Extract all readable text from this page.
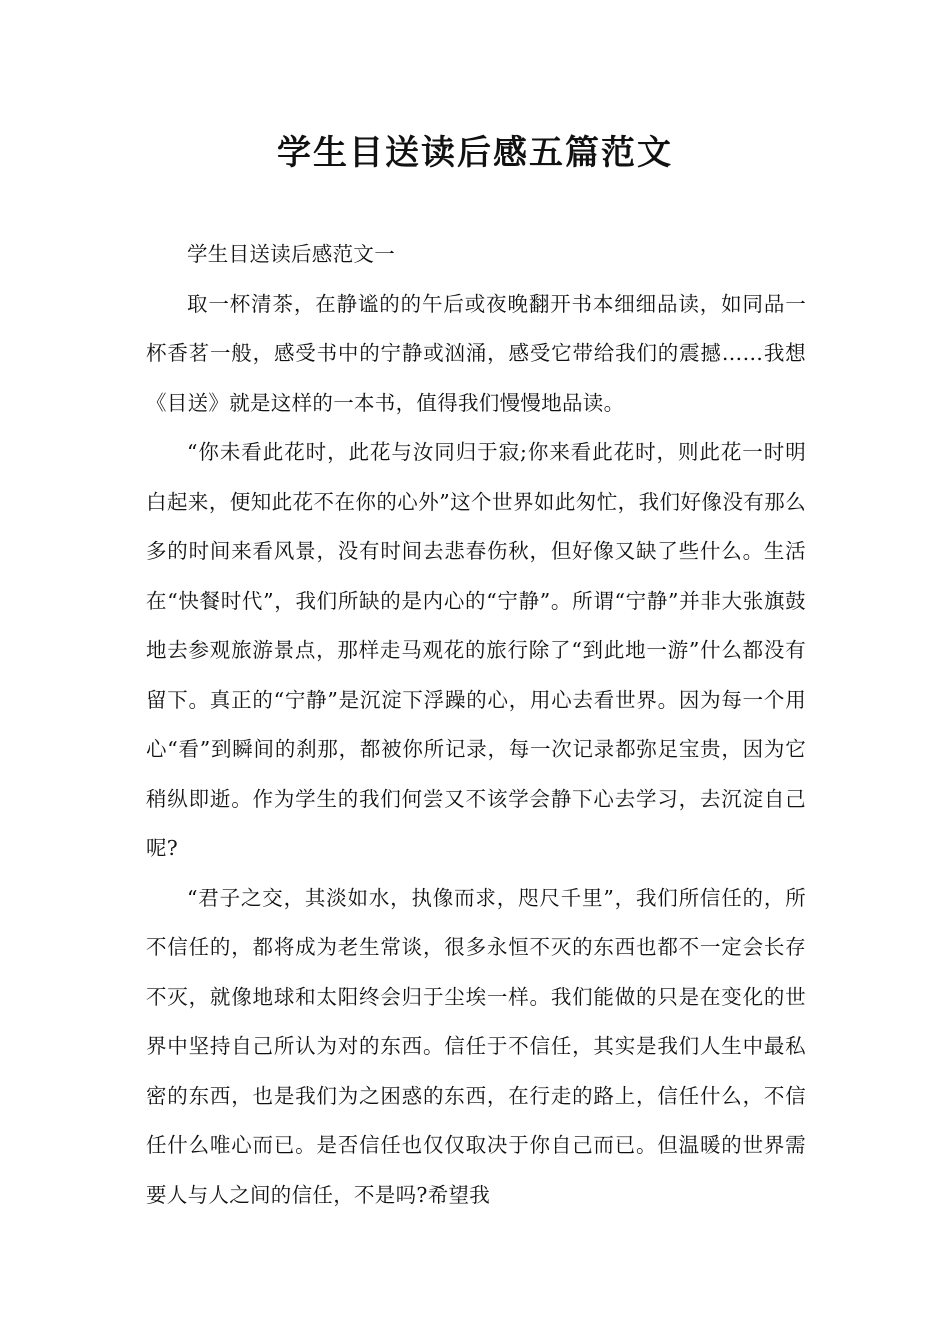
学生目送读后感五篇范文

学生目送读后感范文一

取一杯清茶，在静谧的的午后或夜晚翻开书本细细品读，如同品一杯香茗一般，感受书中的宁静或汹涌，感受它带给我们的震撼……我想《目送》就是这样的一本书，值得我们慢慢地品读。

“你未看此花时，此花与汝同归于寂;你来看此花时，则此花一时明白起来，便知此花不在你的心外”这个世界如此匆忙，我们好像没有那么多的时间来看风景，没有时间去悲春伤秋，但好像又缺了些什么。生活在“快餐时代”，我们所缺的是内心的“宁静”。所谓“宁静”并非大张旗鼓地去参观旅游景点，那样走马观花的旅行除了“到此地一游”什么都没有留下。真正的“宁静”是沉淀下浮躁的心，用心去看世界。因为每一个用心“看”到瞬间的刹那，都被你所记录，每一次记录都弥足宝贵，因为它稍纵即逝。作为学生的我们何尝又不该学会静下心去学习，去沉淀自己呢?

“君子之交，其淡如水，执像而求，咫尺千里”，我们所信任的，所不信任的，都将成为老生常谈，很多永恒不灭的东西也都不一定会长存不灭，就像地球和太阳终会归于尘埃一样。我们能做的只是在变化的世界中坚持自己所认为对的东西。信任于不信任，其实是我们人生中最私密的东西，也是我们为之困惑的东西，在行走的路上，信任什么，不信任什么唯心而已。是否信任也仅仅取决于你自己而已。但温暖的世界需要人与人之间的信任，不是吗?希望我
